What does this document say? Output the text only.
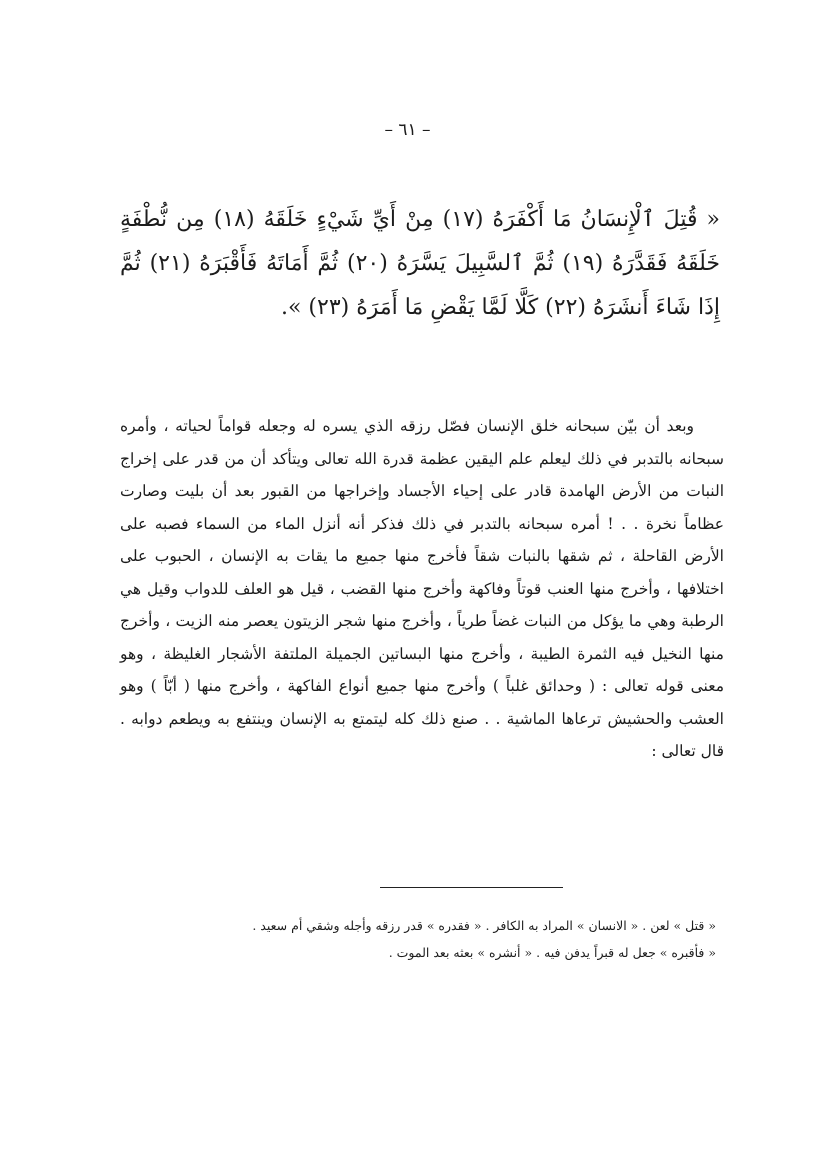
– ٦١ –

« قُتِلَ ٱلْإِنسَانُ مَا أَكْفَرَهُ (١٧) مِنْ أَيِّ شَيْءٍ خَلَقَهُ (١٨) مِن نُّطْفَةٍ خَلَقَهُ فَقَدَّرَهُ (١٩) ثُمَّ ٱلسَّبِيلَ يَسَّرَهُ (٢٠) ثُمَّ أَمَاتَهُ فَأَقْبَرَهُ (٢١) ثُمَّ إِذَا شَاءَ أَنشَرَهُ (٢٢) كَلَّا لَمَّا يَقْضِ مَا أَمَرَهُ (٢٣) ».

وبعد أن بيّن سبحانه خلق الإنسان فصّل رزقه الذي يسره له وجعله قواماً لحياته ، وأمره سبحانه بالتدبر في ذلك ليعلم علم اليقين عظمة قدرة الله تعالى ويتأكد أن من قدر على إخراج النبات من الأرض الهامدة قادر على إحياء الأجساد وإخراجها من القبور بعد أن بليت وصارت عظاماً نخرة . . ! أمره سبحانه بالتدبر في ذلك فذكر أنه أنزل الماء من السماء فصبه على الأرض القاحلة ، ثم شقها بالنبات شقاً فأخرج منها جميع ما يقات به الإنسان ، الحبوب على اختلافها ، وأخرج منها العنب قوتاً وفاكهة وأخرج منها القضب ، قيل هو العلف للدواب وقيل هي الرطبة وهي ما يؤكل من النبات غضاً طرياً ، وأخرج منها شجر الزيتون يعصر منه الزيت ، وأخرج منها النخيل فيه الثمرة الطيبة ، وأخرج منها البساتين الجميلة الملتفة الأشجار الغليظة ، وهو معنى قوله تعالى : ( وحدائق غلباً ) وأخرج منها جميع أنواع الفاكهة ، وأخرج منها ( أبّاً ) وهو العشب والحشيش ترعاها الماشية . . صنع ذلك كله ليتمتع به الإنسان وينتفع به ويطعم دوابه . قال تعالى :

« قتل » لعن . « الانسان » المراد به الكافر . « فقدره » قدر رزقه وأجله وشقي أم سعيد .
« فأقبره » جعل له قبراً يدفن فيه . « أنشره » بعثه بعد الموت .
